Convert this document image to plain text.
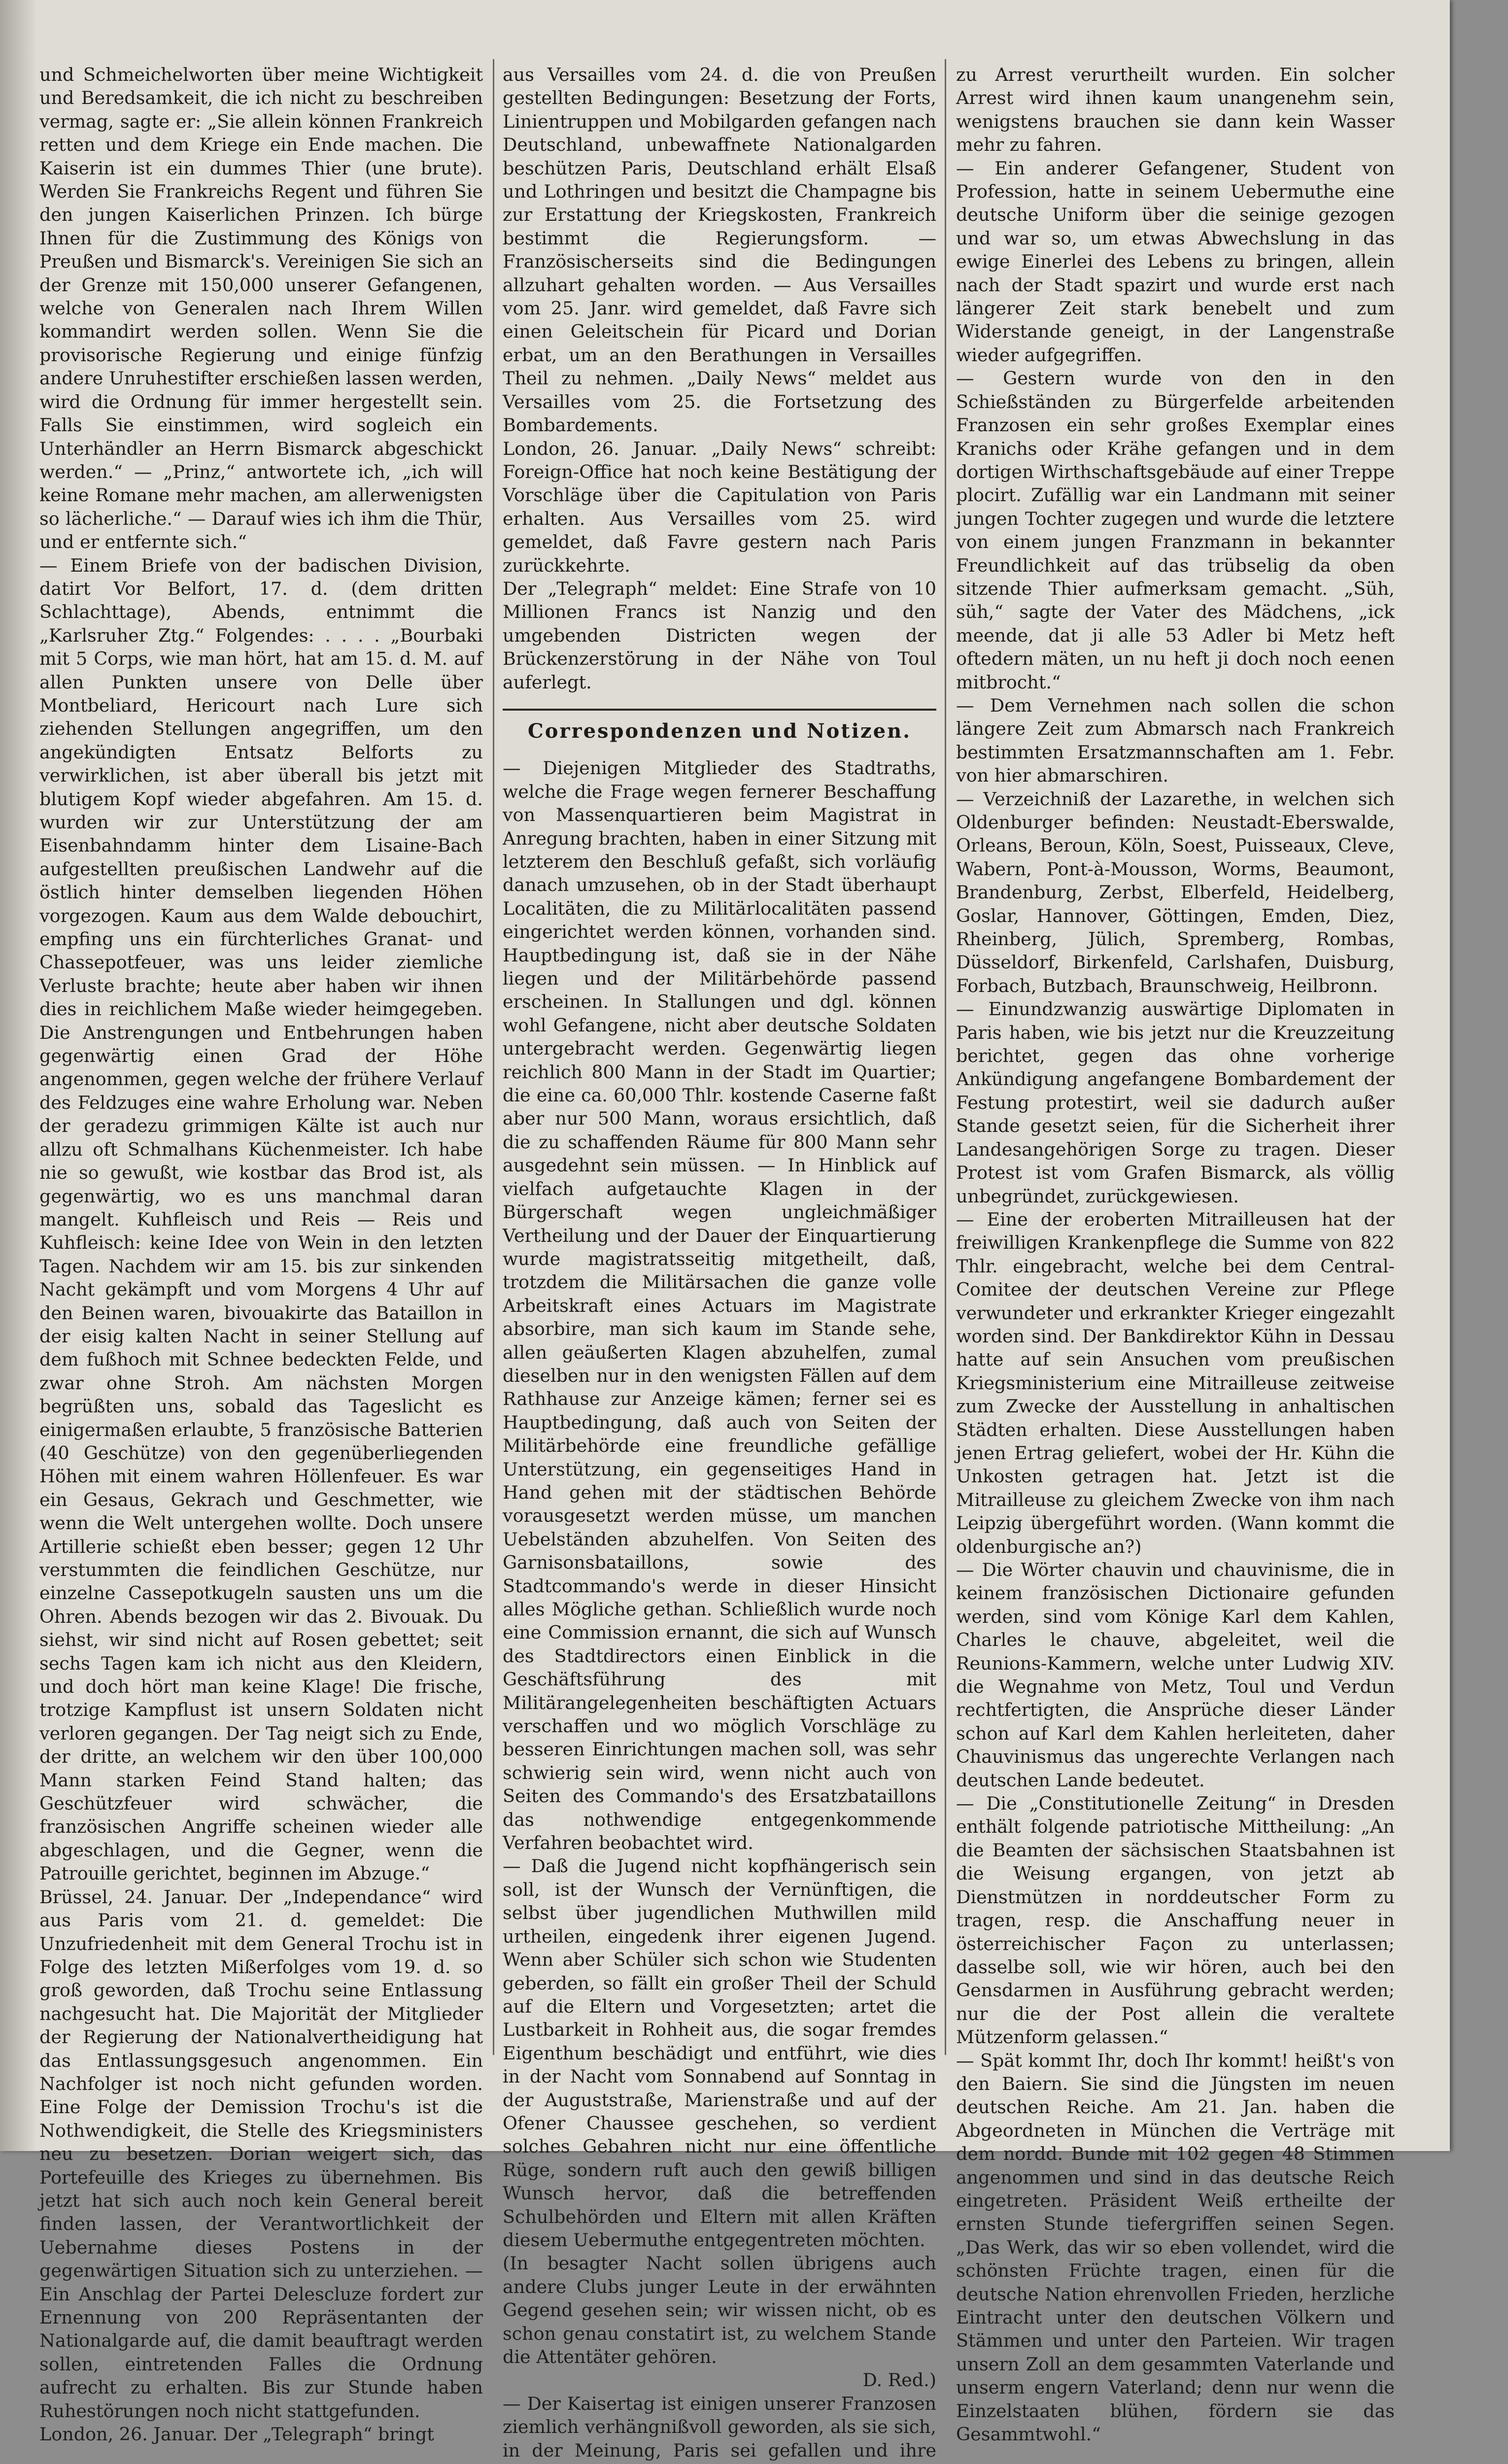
und Schmeichelworten über meine Wichtigkeit und Beredsamkeit, die ich nicht zu beschreiben vermag, sagte er: „Sie allein können Frankreich retten und dem Kriege ein Ende machen. Die Kaiserin ist ein dummes Thier (une brute). Werden Sie Frankreichs Regent und führen Sie den jungen Kaiserlichen Prinzen. Ich bürge Ihnen für die Zustimmung des Königs von Preußen und Bismarck's. Vereinigen Sie sich an der Grenze mit 150,000 unserer Gefangenen, welche von Generalen nach Ihrem Willen kommandirt werden sollen. Wenn Sie die provisorische Regierung und einige fünfzig andere Unruhestifter erschießen lassen werden, wird die Ordnung für immer hergestellt sein. Falls Sie einstimmen, wird sogleich ein Unterhändler an Herrn Bismarck abgeschickt werden.“ — „Prinz,“ antwortete ich, „ich will keine Romane mehr machen, am allerwenigsten so lächerliche.“ — Darauf wies ich ihm die Thür, und er entfernte sich.“

— Einem Briefe von der badischen Division, datirt Vor Belfort, 17. d. (dem dritten Schlachttage), Abends, entnimmt die „Karlsruher Ztg.“ Folgendes: . . . . „Bourbaki mit 5 Corps, wie man hört, hat am 15. d. M. auf allen Punkten unsere von Delle über Montbeliard, Hericourt nach Lure sich ziehenden Stellungen angegriffen, um den angekündigten Entsatz Belforts zu verwirklichen, ist aber überall bis jetzt mit blutigem Kopf wieder abgefahren. Am 15. d. wurden wir zur Unterstützung der am Eisenbahndamm hinter dem Lisaine-Bach aufgestellten preußischen Landwehr auf die östlich hinter demselben liegenden Höhen vorgezogen. Kaum aus dem Walde debouchirt, empfing uns ein fürchterliches Granat- und Chassepotfeuer, was uns leider ziemliche Verluste brachte; heute aber haben wir ihnen dies in reichlichem Maße wieder heimgegeben. Die Anstrengungen und Entbehrungen haben gegenwärtig einen Grad der Höhe angenommen, gegen welche der frühere Verlauf des Feldzuges eine wahre Erholung war. Neben der geradezu grimmigen Kälte ist auch nur allzu oft Schmalhans Küchenmeister. Ich habe nie so gewußt, wie kostbar das Brod ist, als gegenwärtig, wo es uns manchmal daran mangelt. Kuhfleisch und Reis — Reis und Kuhfleisch: keine Idee von Wein in den letzten Tagen. Nachdem wir am 15. bis zur sinkenden Nacht gekämpft und vom Morgens 4 Uhr auf den Beinen waren, bivouakirte das Bataillon in der eisig kalten Nacht in seiner Stellung auf dem fußhoch mit Schnee bedeckten Felde, und zwar ohne Stroh. Am nächsten Morgen begrüßten uns, sobald das Tageslicht es einigermaßen erlaubte, 5 französische Batterien (40 Geschütze) von den gegenüberliegenden Höhen mit einem wahren Höllenfeuer. Es war ein Gesaus, Gekrach und Geschmetter, wie wenn die Welt untergehen wollte. Doch unsere Artillerie schießt eben besser; gegen 12 Uhr verstummten die feindlichen Geschütze, nur einzelne Cassepotkugeln sausten uns um die Ohren. Abends bezogen wir das 2. Bivouak. Du siehst, wir sind nicht auf Rosen gebettet; seit sechs Tagen kam ich nicht aus den Kleidern, und doch hört man keine Klage! Die frische, trotzige Kampflust ist unsern Soldaten nicht verloren gegangen. Der Tag neigt sich zu Ende, der dritte, an welchem wir den über 100,000 Mann starken Feind Stand halten; das Geschützfeuer wird schwächer, die französischen Angriffe scheinen wieder alle abgeschlagen, und die Gegner, wenn die Patrouille gerichtet, beginnen im Abzuge.“

Brüssel, 24. Januar. Der „Independance“ wird aus Paris vom 21. d. gemeldet: Die Unzufriedenheit mit dem General Trochu ist in Folge des letzten Mißerfolges vom 19. d. so groß geworden, daß Trochu seine Entlassung nachgesucht hat. Die Majorität der Mitglieder der Regierung der Nationalvertheidigung hat das Entlassungsgesuch angenommen. Ein Nachfolger ist noch nicht gefunden worden. Eine Folge der Demission Trochu's ist die Nothwendigkeit, die Stelle des Kriegsministers neu zu besetzen. Dorian weigert sich, das Portefeuille des Krieges zu übernehmen. Bis jetzt hat sich auch noch kein General bereit finden lassen, der Verantwortlichkeit der Uebernahme dieses Postens in der gegenwärtigen Situation sich zu unterziehen. — Ein Anschlag der Partei Delescluze fordert zur Ernennung von 200 Repräsentanten der Nationalgarde auf, die damit beauftragt werden sollen, eintretenden Falles die Ordnung aufrecht zu erhalten. Bis zur Stunde haben Ruhestörungen noch nicht stattgefunden.

London, 26. Januar. Der „Telegraph“ bringt

aus Versailles vom 24. d. die von Preußen gestellten Bedingungen: Besetzung der Forts, Linientruppen und Mobilgarden gefangen nach Deutschland, unbewaffnete Nationalgarden beschützen Paris, Deutschland erhält Elsaß und Lothringen und besitzt die Champagne bis zur Erstattung der Kriegskosten, Frankreich bestimmt die Regierungsform. — Französischerseits sind die Bedingungen allzuhart gehalten worden. — Aus Versailles vom 25. Janr. wird gemeldet, daß Favre sich einen Geleitschein für Picard und Dorian erbat, um an den Berathungen in Versailles Theil zu nehmen. „Daily News“ meldet aus Versailles vom 25. die Fortsetzung des Bombardements.

London, 26. Januar. „Daily News“ schreibt: Foreign-Office hat noch keine Bestätigung der Vorschläge über die Capitulation von Paris erhalten. Aus Versailles vom 25. wird gemeldet, daß Favre gestern nach Paris zurückkehrte.

Der „Telegraph“ meldet: Eine Strafe von 10 Millionen Francs ist Nanzig und den umgebenden Districten wegen der Brückenzerstörung in der Nähe von Toul auferlegt.

Correspondenzen und Notizen.

— Diejenigen Mitglieder des Stadtraths, welche die Frage wegen fernerer Beschaffung von Massenquartieren beim Magistrat in Anregung brachten, haben in einer Sitzung mit letzterem den Beschluß gefaßt, sich vorläufig danach umzusehen, ob in der Stadt überhaupt Localitäten, die zu Militärlocalitäten passend eingerichtet werden können, vorhanden sind. Hauptbedingung ist, daß sie in der Nähe liegen und der Militärbehörde passend erscheinen. In Stallungen und dgl. können wohl Gefangene, nicht aber deutsche Soldaten untergebracht werden. Gegenwärtig liegen reichlich 800 Mann in der Stadt im Quartier; die eine ca. 60,000 Thlr. kostende Caserne faßt aber nur 500 Mann, woraus ersichtlich, daß die zu schaffenden Räume für 800 Mann sehr ausgedehnt sein müssen. — In Hinblick auf vielfach aufgetauchte Klagen in der Bürgerschaft wegen ungleichmäßiger Vertheilung und der Dauer der Einquartierung wurde magistratsseitig mitgetheilt, daß, trotzdem die Militärsachen die ganze volle Arbeitskraft eines Actuars im Magistrate absorbire, man sich kaum im Stande sehe, allen geäußerten Klagen abzuhelfen, zumal dieselben nur in den wenigsten Fällen auf dem Rathhause zur Anzeige kämen; ferner sei es Hauptbedingung, daß auch von Seiten der Militärbehörde eine freundliche gefällige Unterstützung, ein gegenseitiges Hand in Hand gehen mit der städtischen Behörde vorausgesetzt werden müsse, um manchen Uebelständen abzuhelfen. Von Seiten des Garnisonsbataillons, sowie des Stadtcommando's werde in dieser Hinsicht alles Mögliche gethan. Schließlich wurde noch eine Commission ernannt, die sich auf Wunsch des Stadtdirectors einen Einblick in die Geschäftsführung des mit Militärangelegenheiten beschäftigten Actuars verschaffen und wo möglich Vorschläge zu besseren Einrichtungen machen soll, was sehr schwierig sein wird, wenn nicht auch von Seiten des Commando's des Ersatzbataillons das nothwendige entgegenkommende Verfahren beobachtet wird.

— Daß die Jugend nicht kopfhängerisch sein soll, ist der Wunsch der Vernünftigen, die selbst über jugendlichen Muthwillen mild urtheilen, eingedenk ihrer eigenen Jugend. Wenn aber Schüler sich schon wie Studenten geberden, so fällt ein großer Theil der Schuld auf die Eltern und Vorgesetzten; artet die Lustbarkeit in Rohheit aus, die sogar fremdes Eigenthum beschädigt und entführt, wie dies in der Nacht vom Sonnabend auf Sonntag in der Auguststraße, Marienstraße und auf der Ofener Chaussee geschehen, so verdient solches Gebahren nicht nur eine öffentliche Rüge, sondern ruft auch den gewiß billigen Wunsch hervor, daß die betreffenden Schulbehörden und Eltern mit allen Kräften diesem Uebermuthe entgegentreten möchten.

(In besagter Nacht sollen übrigens auch andere Clubs junger Leute in der erwähnten Gegend gesehen sein; wir wissen nicht, ob es schon genau constatirt ist, zu welchem Stande die Attentäter gehören.

D. Red.)

— Der Kaisertag ist einigen unserer Franzosen ziemlich verhängnißvoll geworden, als sie sich, in der Meinung, Paris sei gefallen und ihre

zu Arrest verurtheilt wurden. Ein solcher Arrest wird ihnen kaum unangenehm sein, wenigstens brauchen sie dann kein Wasser mehr zu fahren.

— Ein anderer Gefangener, Student von Profession, hatte in seinem Uebermuthe eine deutsche Uniform über die seinige gezogen und war so, um etwas Abwechslung in das ewige Einerlei des Lebens zu bringen, allein nach der Stadt spazirt und wurde erst nach längerer Zeit stark benebelt und zum Widerstande geneigt, in der Langenstraße wieder aufgegriffen.

— Gestern wurde von den in den Schießständen zu Bürgerfelde arbeitenden Franzosen ein sehr großes Exemplar eines Kranichs oder Krähe gefangen und in dem dortigen Wirthschaftsgebäude auf einer Treppe plocirt. Zufällig war ein Landmann mit seiner jungen Tochter zugegen und wurde die letztere von einem jungen Franzmann in bekannter Freundlichkeit auf das trübselig da oben sitzende Thier aufmerksam gemacht. „Süh, süh,“ sagte der Vater des Mädchens, „ick meende, dat ji alle 53 Adler bi Metz heft oftedern mäten, un nu heft ji doch noch eenen mitbrocht.“

— Dem Vernehmen nach sollen die schon längere Zeit zum Abmarsch nach Frankreich bestimmten Ersatzmannschaften am 1. Febr. von hier abmarschiren.

— Verzeichniß der Lazarethe, in welchen sich Oldenburger befinden: Neustadt-Eberswalde, Orleans, Beroun, Köln, Soest, Puisseaux, Cleve, Wabern, Pont-à-Mousson, Worms, Beaumont, Brandenburg, Zerbst, Elberfeld, Heidelberg, Goslar, Hannover, Göttingen, Emden, Diez, Rheinberg, Jülich, Spremberg, Rombas, Düsseldorf, Birkenfeld, Carlshafen, Duisburg, Forbach, Butzbach, Braunschweig, Heilbronn.

— Einundzwanzig auswärtige Diplomaten in Paris haben, wie bis jetzt nur die Kreuzzeitung berichtet, gegen das ohne vorherige Ankündigung angefangene Bombardement der Festung protestirt, weil sie dadurch außer Stande gesetzt seien, für die Sicherheit ihrer Landesangehörigen Sorge zu tragen. Dieser Protest ist vom Grafen Bismarck, als völlig unbegründet, zurückgewiesen.

— Eine der eroberten Mitrailleusen hat der freiwilligen Krankenpflege die Summe von 822 Thlr. eingebracht, welche bei dem Central-Comitee der deutschen Vereine zur Pflege verwundeter und erkrankter Krieger eingezahlt worden sind. Der Bankdirektor Kühn in Dessau hatte auf sein Ansuchen vom preußischen Kriegsministerium eine Mitrailleuse zeitweise zum Zwecke der Ausstellung in anhaltischen Städten erhalten. Diese Ausstellungen haben jenen Ertrag geliefert, wobei der Hr. Kühn die Unkosten getragen hat. Jetzt ist die Mitrailleuse zu gleichem Zwecke von ihm nach Leipzig übergeführt worden. (Wann kommt die oldenburgische an?)

— Die Wörter chauvin und chauvinisme, die in keinem französischen Dictionaire gefunden werden, sind vom Könige Karl dem Kahlen, Charles le chauve, abgeleitet, weil die Reunions-Kammern, welche unter Ludwig XIV. die Wegnahme von Metz, Toul und Verdun rechtfertigten, die Ansprüche dieser Länder schon auf Karl dem Kahlen herleiteten, daher Chauvinismus das ungerechte Verlangen nach deutschen Lande bedeutet.

— Die „Constitutionelle Zeitung“ in Dresden enthält folgende patriotische Mittheilung: „An die Beamten der sächsischen Staatsbahnen ist die Weisung ergangen, von jetzt ab Dienstmützen in norddeutscher Form zu tragen, resp. die Anschaffung neuer in österreichischer Façon zu unterlassen; dasselbe soll, wie wir hören, auch bei den Gensdarmen in Ausführung gebracht werden; nur die der Post allein die veraltete Mützenform gelassen.“

— Spät kommt Ihr, doch Ihr kommt! heißt's von den Baiern. Sie sind die Jüngsten im neuen deutschen Reiche. Am 21. Jan. haben die Abgeordneten in München die Verträge mit dem nordd. Bunde mit 102 gegen 48 Stimmen angenommen und sind in das deutsche Reich eingetreten. Präsident Weiß ertheilte der ernsten Stunde tiefergriffen seinen Segen. „Das Werk, das wir so eben vollendet, wird die schönsten Früchte tragen, einen für die deutsche Nation ehrenvollen Frieden, herzliche Eintracht unter den deutschen Völkern und Stämmen und unter den Parteien. Wir tragen unsern Zoll an dem gesammten Vaterlande und unserm engern Vaterland; denn nur wenn die Einzelstaaten blühen, fördern sie das Gesammtwohl.“
